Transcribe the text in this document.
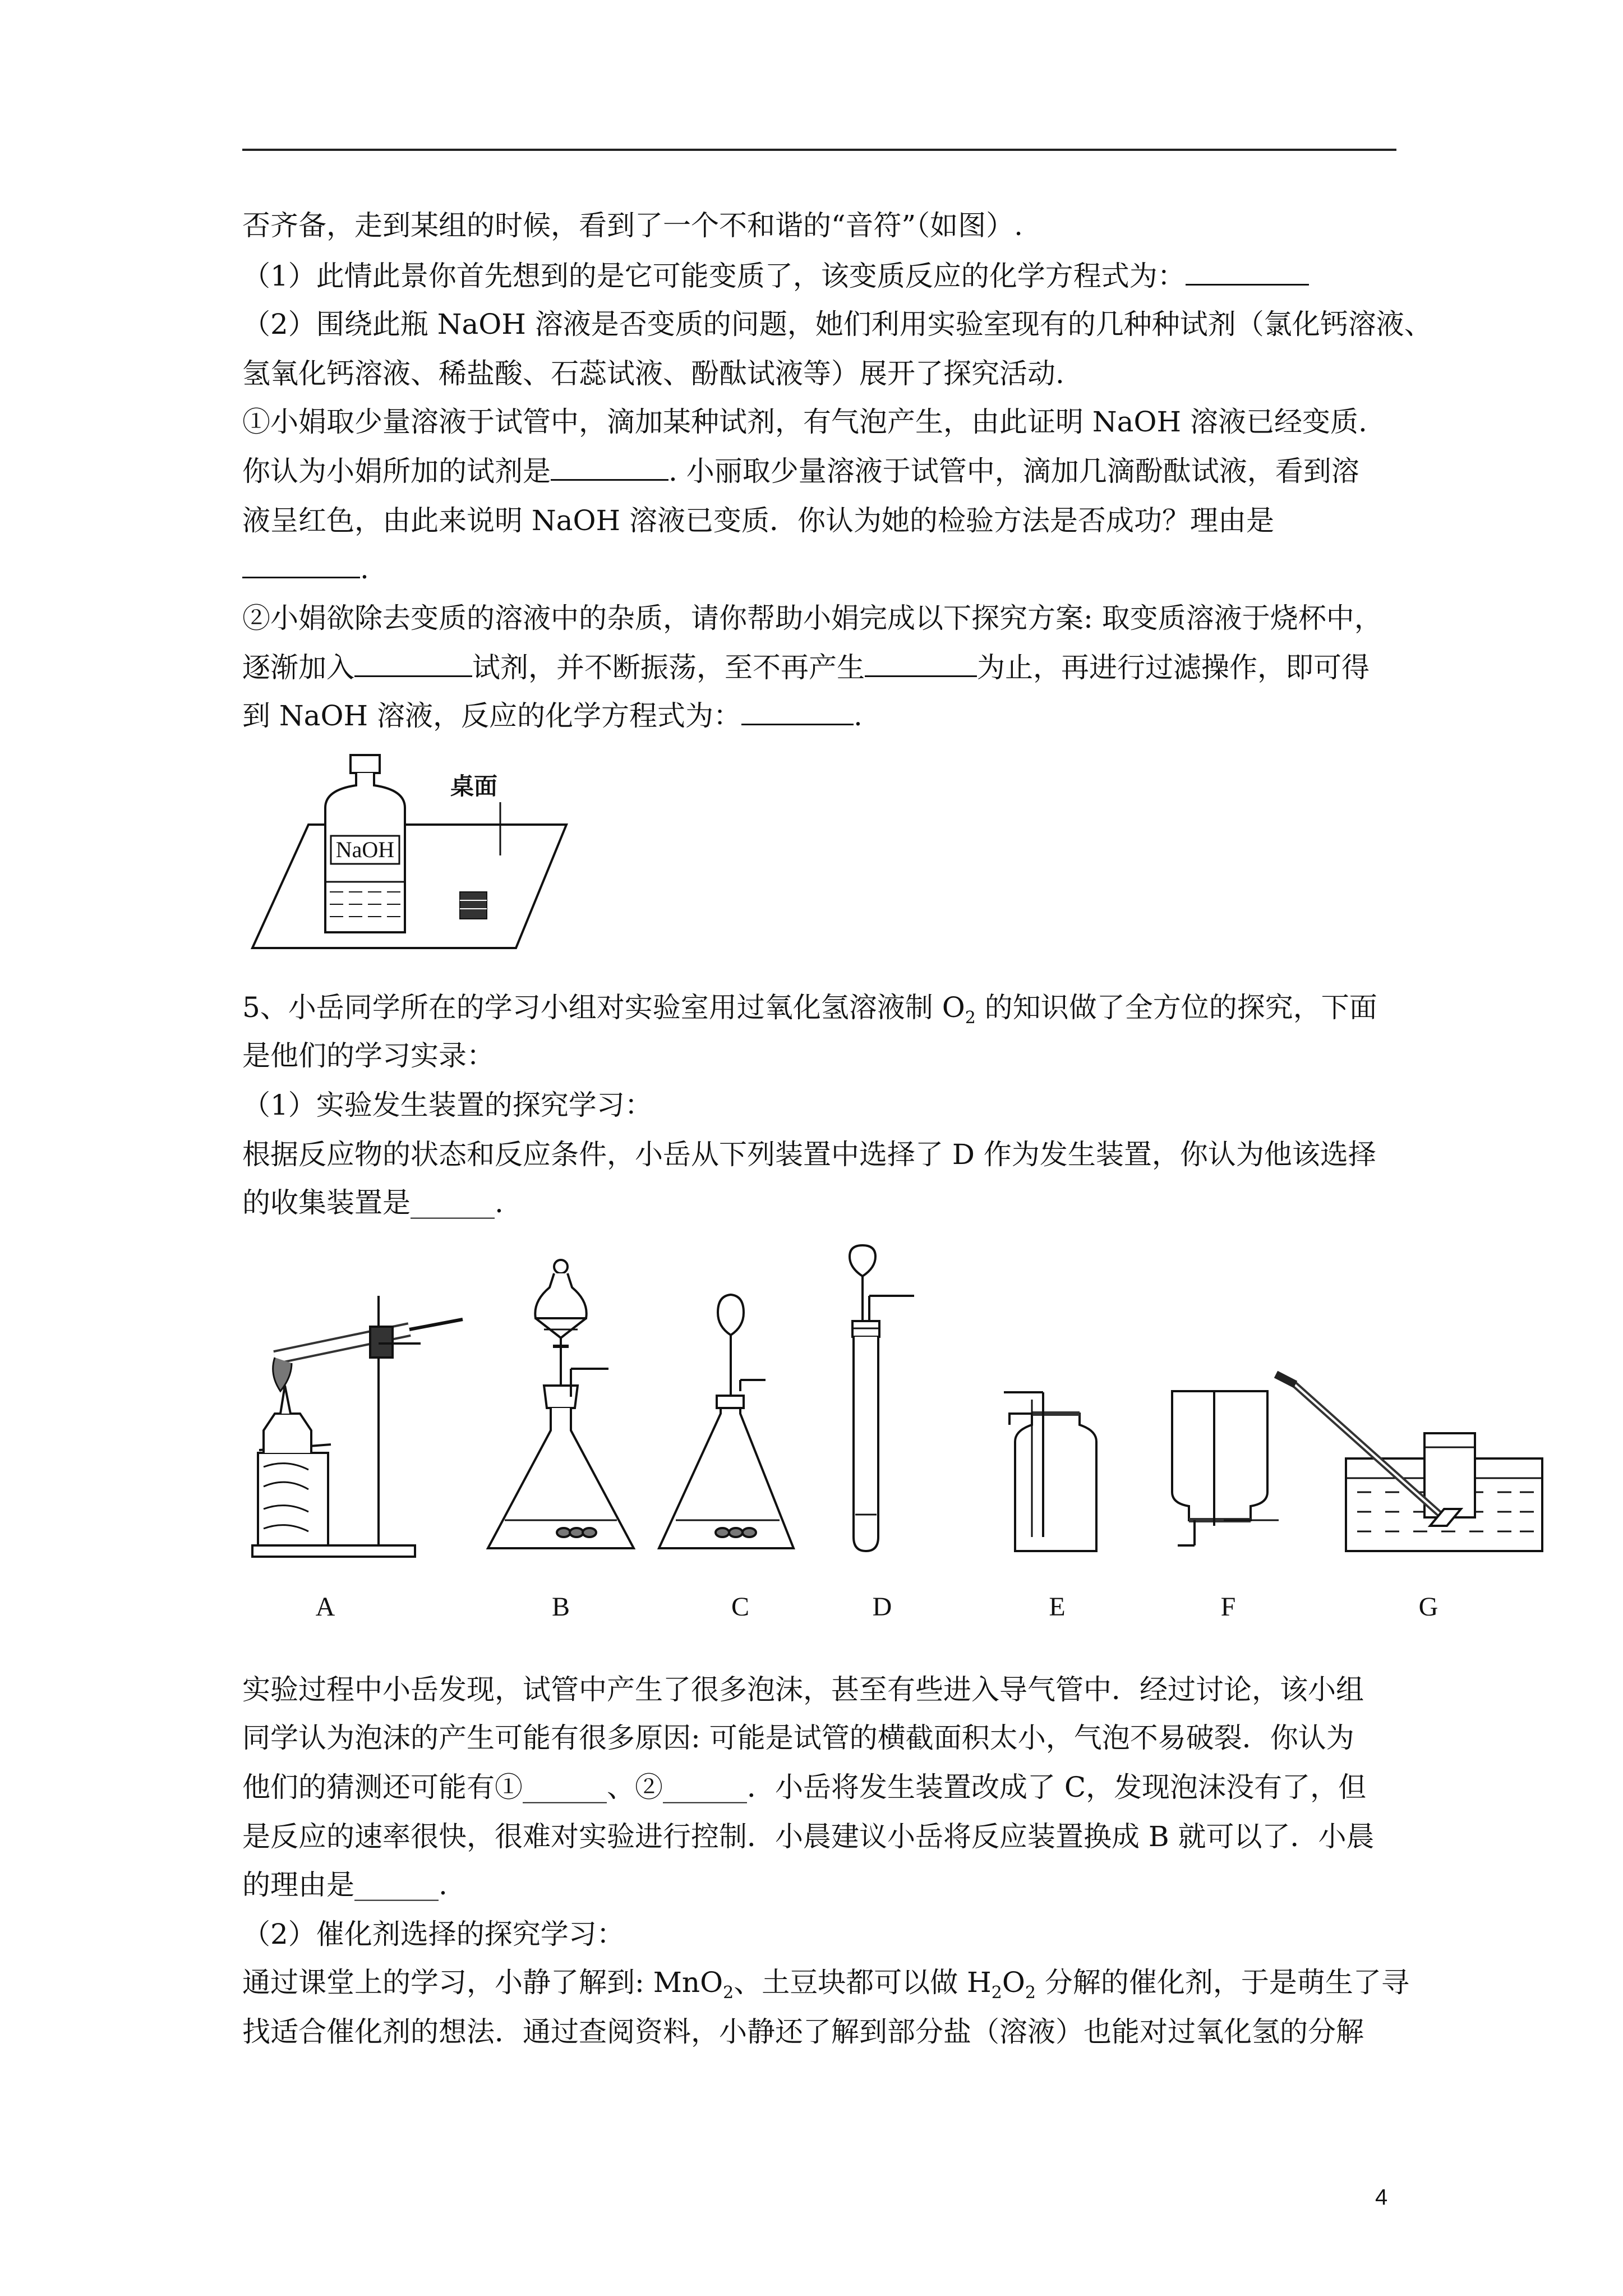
否齐备，走到某组的时候，看到了一个不和谐的“音符”（如图）.
（1）此情此景你首先想到的是它可能变质了，该变质反应的化学方程式为：
（2）围绕此瓶 NaOH 溶液是否变质的问题，她们利用实验室现有的几种种试剂（氯化钙溶液、
氢氧化钙溶液、稀盐酸、石蕊试液、酚酞试液等）展开了探究活动.
①小娟取少量溶液于试管中，滴加某种试剂，有气泡产生，由此证明 NaOH 溶液已经变质.
你认为小娟所加的试剂是	. 小丽取少量溶液于试管中，滴加几滴酚酞试液，看到溶
液呈红色，由此来说明 NaOH 溶液已变质．你认为她的检验方法是否成功？理由是
.
②小娟欲除去变质的溶液中的杂质，请你帮助小娟完成以下探究方案: 取变质溶液于烧杯中，
逐渐加入	试剂，并不断振荡，至不再产生	为止，再进行过滤操作，即可得
到 NaOH 溶液，反应的化学方程式为：	.
NaOH
桌面
5、小岳同学所在的学习小组对实验室用过氧化氢溶液制 $O_2$ 的知识做了全方位的探究，下面
是他们的学习实录：
（1）实验发生装置的探究学习：
根据反应物的状态和反应条件，小岳从下列装置中选择了 D 作为发生装置，你认为他该选择
的收集装置是______.
A	B	C	D	E	F	G
实验过程中小岳发现，试管中产生了很多泡沫，甚至有些进入导气管中．经过讨论，该小组
同学认为泡沫的产生可能有很多原因: 可能是试管的横截面积太小，气泡不易破裂．你认为
他们的猜测还可能有①______、②______．小岳将发生装置改成了 C，发现泡沫没有了，但
是反应的速率很快，很难对实验进行控制．小晨建议小岳将反应装置换成 B 就可以了．小晨
的理由是______.
（2）催化剂选择的探究学习：
通过课堂上的学习，小静了解到: MnO$_2$、土豆块都可以做 $H_2O_2$ 分解的催化剂，于是萌生了寻
找适合催化剂的想法．通过查阅资料，小静还了解到部分盐（溶液）也能对过氧化氢的分解
4
